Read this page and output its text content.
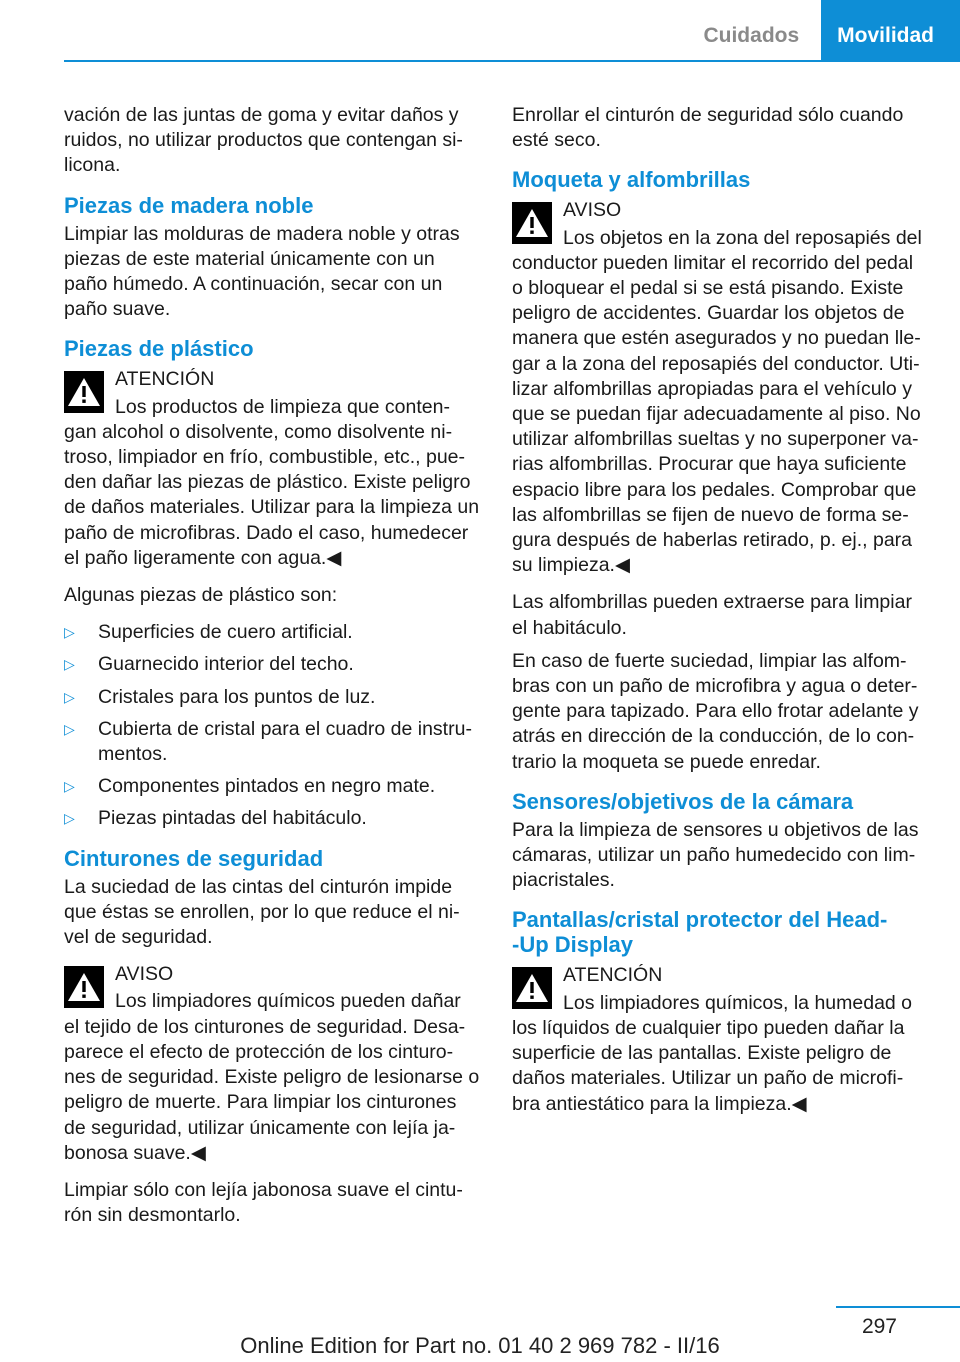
Cuidados	Movilidad

vación de las juntas de goma y evitar daños y ruidos, no utilizar productos que contengan si‐licona.

Piezas de madera noble

Limpiar las molduras de madera noble y otras piezas de este material únicamente con un paño húmedo. A continuación, secar con un paño suave.

Piezas de plástico
ATENCIÓN
Los productos de limpieza que conten‐
gan alcohol o disolvente, como disolvente ni‐troso, limpiador en frío, combustible, etc., pue‐den dañar las piezas de plástico. Existe peligro de daños materiales. Utilizar para la limpieza un paño de microfibras. Dado el caso, humedecer el paño ligeramente con agua.◀

Algunas piezas de plástico son:

▷ Superficies de cuero artificial.
▷ Guarnecido interior del techo.
▷ Cristales para los puntos de luz.
▷ Cubierta de cristal para el cuadro de instru‐mentos.
▷ Componentes pintados en negro mate.
▷ Piezas pintadas del habitáculo.
Cinturones de seguridad

La suciedad de las cintas del cinturón impide que éstas se enrollen, por lo que reduce el ni‐vel de seguridad.

AVISO
Los limpiadores químicos pueden dañar
el tejido de los cinturones de seguridad. Desa‐parece el efecto de protección de los cinturo‐nes de seguridad. Existe peligro de lesionarse o peligro de muerte. Para limpiar los cinturones de seguridad, utilizar únicamente con lejía ja‐bonosa suave.◀

Limpiar sólo con lejía jabonosa suave el cintu‐rón sin desmontarlo.

Enrollar el cinturón de seguridad sólo cuando esté seco.

Moqueta y alfombrillas
AVISO
Los objetos en la zona del reposapiés del
conductor pueden limitar el recorrido del pedal o bloquear el pedal si se está pisando. Existe peligro de accidentes. Guardar los objetos de manera que estén asegurados y no puedan lle‐gar a la zona del reposapiés del conductor. Uti‐lizar alfombrillas apropiadas para el vehículo y que se puedan fijar adecuadamente al piso. No utilizar alfombrillas sueltas y no superponer va‐rias alfombrillas. Procurar que haya suficiente espacio libre para los pedales. Comprobar que las alfombrillas se fijen de nuevo de forma se‐gura después de haberlas retirado, p. ej., para su limpieza.◀

Las alfombrillas pueden extraerse para limpiar el habitáculo.

En caso de fuerte suciedad, limpiar las alfom‐bras con un paño de microfibra y agua o deter‐gente para tapizado. Para ello frotar adelante y atrás en dirección de la conducción, de lo con‐trario la moqueta se puede enredar.

Sensores/objetivos de la cámara

Para la limpieza de sensores u objetivos de las cámaras, utilizar un paño humedecido con lim‐piacristales.

Pantallas/cristal protector del Head-
-Up Display
ATENCIÓN
Los limpiadores químicos, la humedad o
los líquidos de cualquier tipo pueden dañar la superficie de las pantallas. Existe peligro de daños materiales. Utilizar un paño de microfi‐bra antiestático para la limpieza.◀
297
Online Edition for Part no. 01 40 2 969 782 - II/16
